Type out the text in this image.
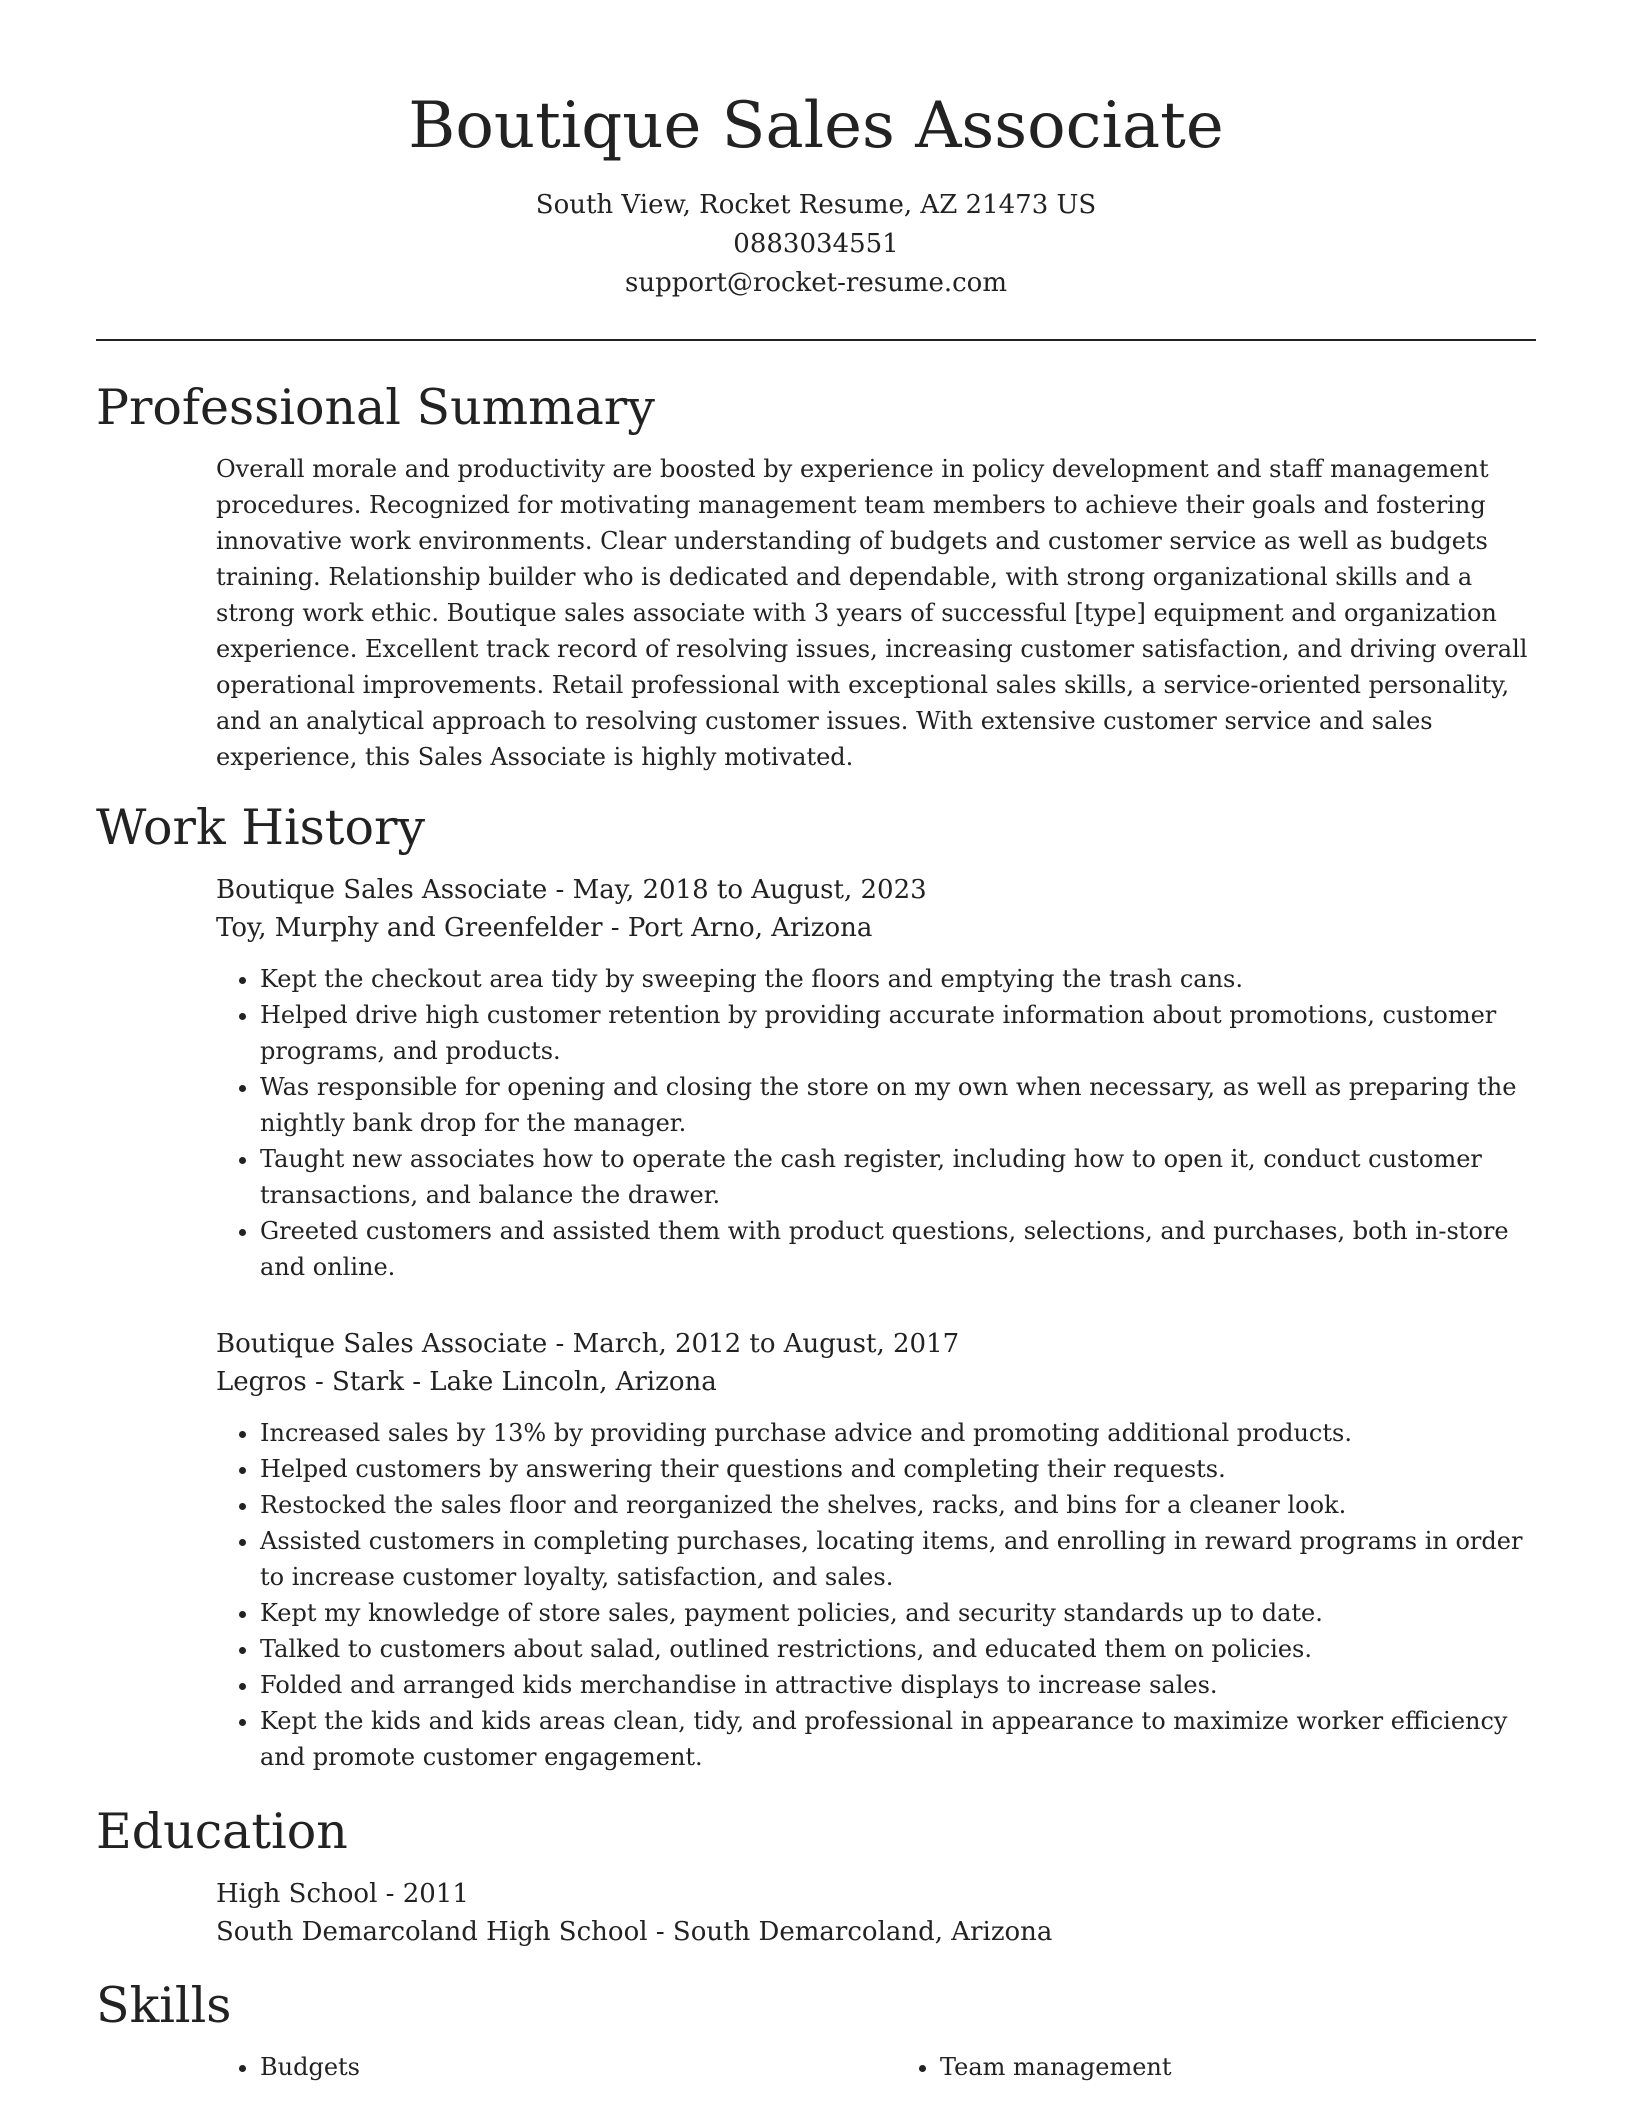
Boutique Sales Associate
South View, Rocket Resume, AZ 21473 US
0883034551
support@rocket-resume.com
Professional Summary

Overall morale and productivity are boosted by experience in policy development and staff management procedures. Recognized for motivating management team members to achieve their goals and fostering innovative work environments. Clear understanding of budgets and customer service as well as budgets training. Relationship builder who is dedicated and dependable, with strong organizational skills and a strong work ethic. Boutique sales associate with 3 years of successful [type] equipment and organization experience. Excellent track record of resolving issues, increasing customer satisfaction, and driving overall operational improvements. Retail professional with exceptional sales skills, a service-oriented personality, and an analytical approach to resolving customer issues. With extensive customer service and sales experience, this Sales Associate is highly motivated.

Work History
Boutique Sales Associate - May, 2018 to August, 2023
Toy, Murphy and Greenfelder - Port Arno, Arizona
• Kept the checkout area tidy by sweeping the floors and emptying the trash cans.
• Helped drive high customer retention by providing accurate information about promotions, customer programs, and products.
• Was responsible for opening and closing the store on my own when necessary, as well as preparing the nightly bank drop for the manager.
• Taught new associates how to operate the cash register, including how to open it, conduct customer transactions, and balance the drawer.
• Greeted customers and assisted them with product questions, selections, and purchases, both in-store and online.
Boutique Sales Associate - March, 2012 to August, 2017
Legros - Stark - Lake Lincoln, Arizona
• Increased sales by 13% by providing purchase advice and promoting additional products.
• Helped customers by answering their questions and completing their requests.
• Restocked the sales floor and reorganized the shelves, racks, and bins for a cleaner look.
• Assisted customers in completing purchases, locating items, and enrolling in reward programs in order to increase customer loyalty, satisfaction, and sales.
• Kept my knowledge of store sales, payment policies, and security standards up to date.
• Talked to customers about salad, outlined restrictions, and educated them on policies.
• Folded and arranged kids merchandise in attractive displays to increase sales.
• Kept the kids and kids areas clean, tidy, and professional in appearance to maximize worker efficiency and promote customer engagement.
Education
High School - 2011
South Demarcoland High School - South Demarcoland, Arizona
Skills
• Budgets
•	Team management
